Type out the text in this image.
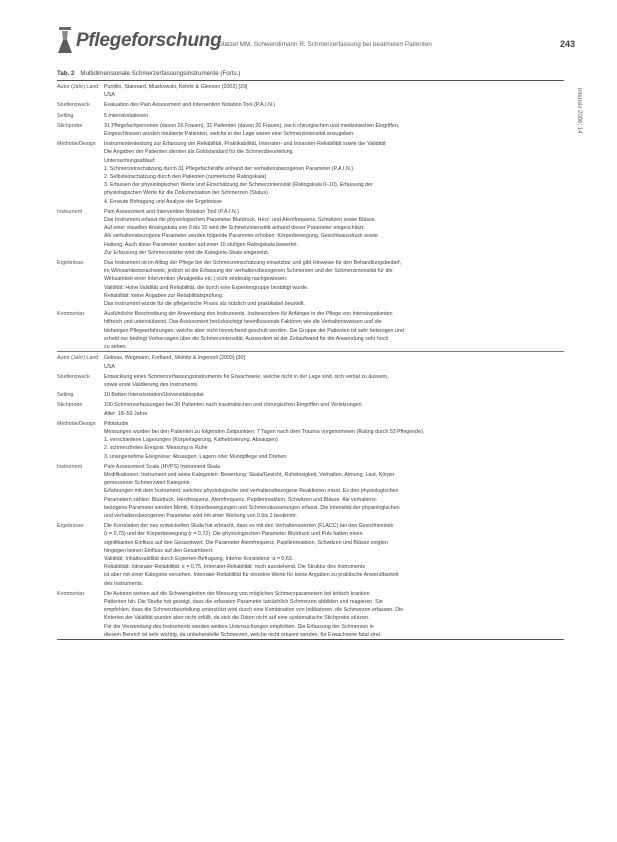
Pflegeforschung
Glatzel MM, Schwendimann R: Schmerzerfassung bei beatmeten Patienten	243
intensiv 2006; 14
Tab. 2 Multidimensionale Schmerzerfassungsinstrumente (Forts.)
Autor (Jahr) Land	Puntillo, Stannard, Miaskowski, Kehrle & Gleeson (2002) [29]
USA
Studienzweck	Evaluation des Pain Assessment and Intervention Notation Tool (P.A.I.N.)
Setting	5 Intensivstationen
Stichprobe	31 Pflegefachpersonen (davon 26 Frauen), 31 Patienten (davon 20 Frauen), nach chirurgischen und medizinischen Eingriffen,
Eingeschlossen wurden intubierte Patienten, welche in der Lage waren eine Schmerzintensität anzugeben.
Methode/Design	Instrumententestung zur Erfassung der Reliabilität, Praktikabilität, Interrater- und Intrarater-Reliabilität sowie der Validität
Die Angaben der Patienten dienten als Goldstandard für die Schmerzbeurteilung.
Untersuchungsablauf:
1. Schmerzeinschätzung durch 31 Pflegefachkräfte anhand der verhaltensbezogenen Parameter (P.A.I.N.)
2. Selbsteinschätzung durch den Patienten (numerische Ratingskala)
3. Erfassen der physiologischen Werte und Einschätzung der Schmerzintensität (Ratingskala 0–10), Erfassung der
physiologischen Werte für die Dokumentation der Schmerzen (Status)
4. Erneute Befragung und Analyse der Ergebnisse
Instrument	Pain Assessment and Intervention Notation Tool (P.A.I.N.)
Das Instrument erfasst die physiologischen Parameter Blutdruck, Herz- und Atemfrequenz, Schwitzen sowie Blässe.
Auf einer visuellen Analogskala von 0 bis 10 wird die Schmerzintensität anhand dieser Parameter eingeschätzt.
Als verhaltensbezogene Parameter werden folgende Parameter erhoben: Körperbewegung, Gesichtsausdruck sowie
Haltung. Auch diese Parameter wurden auf einer 10 stufigen Ratingskala bewertet.
Zur Erfassung der Schmerzstärke wird die Kategorie-Skala eingesetzt.
Ergebnisse	Das Instrument ist im Alltag der Pflege bei der Schmerzeinschätzung einsetzbar und gibt Hinweise für den Behandlungsbedarf,
im Wirksamkeitsnachweis; jedoch ist die Erfassung der verhaltensbezogenen Schmerzen und der Schmerzintensität für die
Wirksamkeit einer Intervention (Analgetika etc.) nicht eindeutig nachgewiesen.
Validität: Hohe Validität und Reliabilität, die durch eine Expertengruppe bestätigt wurde.
Reliabilität: keine Angaben zur Reliabilitätsprüfung.
Das Instrument wurde für die pflegerische Praxis als nützlich und praktikabel beurteilt.
Kommentar	Ausführliche Beschreibung der Anwendung des Instruments. Insbesondere für Anfänger in der Pflege von Intensivpatienten
hilfreich und unterstützend. Das Assessment berücksichtigt beeinflussende Faktoren wie die Verhaltensweisen und die
bisherigen Pflegeerfahrungen, welche aber nicht hinreichend geschult werden. Die Gruppe der Patienten ist sehr heterogen und
erhebt nur bedingt Vorhersagen über die Schmerzintensität. Ausserdem ist der Zeitaufwand für die Anwendung sehr hoch
zu sehen.
Autor (Jahr) Land	Gelinas, Wegmann, Fortland, Stilmitz & Ingersoll (2003) [30]
USA
Studienzweck	Entwicklung eines Schmerzerfassungsinstruments für Erwachsene, welche nicht in der Lage sind, sich verbal zu äussern,
sowie erste Validierung des Instruments
Setting	10 Betten Intensivstation/Universitätsspital
Stichprobe	100 Schmerzerfassungen bei 30 Patienten nach traumatischen und chirurgischen Eingriffen und Verletzungen.
Alter: 18–59 Jahre
Methode/Design	Pilotstudie
Messungen wurden bei den Patienten zu folgenden Zeitpunkten: 7 Tagen nach dem Trauma vorgenommen (Rating durch 53 Pflegende).
1. verschiedene Lagerungen (Körperlagerung, Kathetrisierung, Absaugen)
2. schmerzfreies Ereignis: Messung in Ruhe
3. unangenehme Ereignisse: Absaugen, Lagern oder Mundpflege und Drehen
Instrument	Pain Assessment Scale (HVPS) Instrument Skala
Modifikationen: Instrument und seine Kategorien: Bewertung: Skala/Gesicht, Ruhelosigkeit, Verhalten, Atmung, Laut, Körper
gemessener Schmerzwert Kategorie.
Erfahrungen mit dem Instrument, welches physiologische und verhaltensbezogene Reaktionen misst. Es den physiologischen
Parametern zählen: Blutdruck, Herzfrequenz, Atemfrequenz, Pupillenreaktion, Schwitzen und Blässe. Als verhaltens-
bezogene Parameter werden Mimik, Körperbewegungen und Schmerzäusserungen erfasst. Die Intensität der physiologischen
und verhaltensbezogenen Parameter wird mit einer Wertung von 0 bis 2 bestimmt.
Ergebnisse	Die Korrelation der neu entwickelten Skala hat erbracht, dass es mit den Verhaltenswerten (FLACC) bei den Gesichtsmimik
(r = 0,73) und der Körperbewegung (r = 0,72). Die physiologischen Parameter Blutdruck und Puls hatten einen
signifikanten Einfluss auf den Gesamtwert. Die Parameter Atemfrequenz, Pupillenreaktion, Schwitzen und Blässe zeigten
hingegen keinen Einfluss auf den Gesamtwert.
Validität: Inhaltsvalidität durch Experten-Befragung, Interne Konsistenz: α = 0,63.
Reliabilität: Intrarater-Reliabilität: κ = 0,75, Interrater-Reliabilität: noch ausstehend. Die Struktur des Instruments
ist aber mit einer Kategorie versehen. Interrater-Reliabilität für einzelne Werte für keine Angaben zu praktische Anwendbarkeit
des Instruments.
Kommentar	Die Autoren weisen auf die Schwierigkeiten der Messung von möglichen Schmerzparametern bei kritisch kranken
Patienten hin. Die Studie hat gezeigt, dass die erfassten Parameter tatsächlich Schmerzen abbilden und reagieren. Sie
empfehlen, dass die Schmerzbeurteilung unterstützt wird durch eine Kombination von Indikatoren, die Schmerzen erfassen. Die
Kriterien der Validität wurden aber nicht erfüllt, da sich die Daten nicht auf eine systematische Stichprobe stützen.
Für die Verwendung des Instruments werden weitere Untersuchungen empfohlen. Die Erfassung der Schmerzen in
diesem Bereich ist sehr wichtig, da unbehandelte Schmerzen, welche nicht erkannt werden, für Erwachsene fatal sind.
